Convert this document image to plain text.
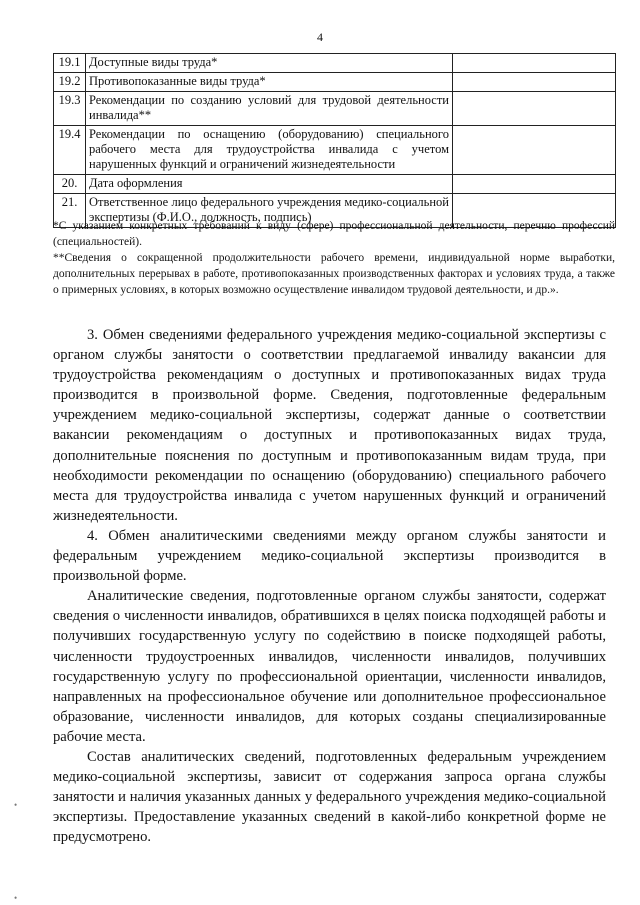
4
19.1	Доступные виды труда*	
19.2	Противопоказанные виды труда*	
19.3	Рекомендации по созданию условий для трудовой деятельности инвалида**	
19.4	Рекомендации по оснащению (оборудованию) специального рабочего места для трудоустройства инвалида с учетом нарушенных функций и ограничений жизнедеятельности	
20.	Дата оформления	
21.	Ответственное лицо федерального учреждения медико-социальной экспертизы (Ф.И.О., должность, подпись)	

*С указанием конкретных требований к виду (сфере) профессиональной деятельности, перечню профессий (специальностей).

**Сведения о сокращенной продолжительности рабочего времени, индивидуальной норме выработки, дополнительных перерывах в работе, противопоказанных производственных факторах и условиях труда, а также о примерных условиях, в которых возможно осуществление инвалидом трудовой деятельности, и др.».

3. Обмен сведениями федерального учреждения медико-социальной экспертизы с органом службы занятости о соответствии предлагаемой инвалиду вакансии для трудоустройства рекомендациям о доступных и противопоказанных видах труда производится в произвольной форме. Сведения, подготовленные федеральным учреждением медико-социальной экспертизы, содержат данные о соответствии вакансии рекомендациям о доступных и противопоказанных видах труда, дополнительные пояснения по доступным и противопоказанным видам труда, при необходимости рекомендации по оснащению (оборудованию) специального рабочего места для трудоустройства инвалида с учетом нарушенных функций и ограничений жизнедеятельности.

4. Обмен аналитическими сведениями между органом службы занятости и федеральным учреждением медико-социальной экспертизы производится в произвольной форме.

Аналитические сведения, подготовленные органом службы занятости, содержат сведения о численности инвалидов, обратившихся в целях поиска подходящей работы и получивших государственную услугу по содействию в поиске подходящей работы, численности трудоустроенных инвалидов, численности инвалидов, получивших государственную услугу по профессиональной ориентации, численности инвалидов, направленных на профессиональное обучение или дополнительное профессиональное образование, численности инвалидов, для которых созданы специализированные рабочие места.

Состав аналитических сведений, подготовленных федеральным учреждением медико-социальной экспертизы, зависит от содержания запроса органа службы занятости и наличия указанных данных у федерального учреждения медико-социальной экспертизы. Предоставление указанных сведений в какой-либо конкретной форме не предусмотрено.

•
•
